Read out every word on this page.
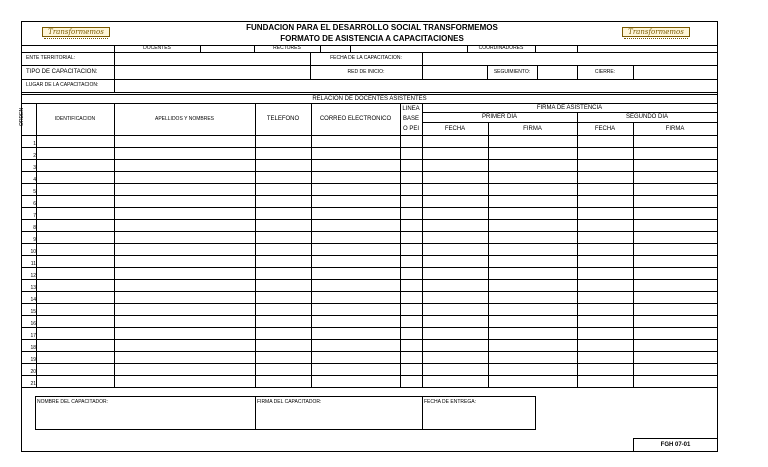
Transformemos	Transformemos
FUNDACION PARA EL DESARROLLO SOCIAL TRANSFORMEMOS
FORMATO DE ASISTENCIA A CAPACITACIONES
DOCENTES	RECTORES	COORDINADORES
ENTE TERRITORIAL:	FECHA DE LA CAPACITACION:
TIPO DE CAPACITACION:	RED DE INICIO:	SEGUIMIENTO:	CIERRE:
LUGAR DE LA CAPACITACION:
RELACION DE DOCENTES ASISTENTES
ORDEN	IDENTIFICACION	APELLIDOS Y NOMBRES	TELEFONO	CORREO ELECTRONICO
LINEA
BASE
O PEI
FIRMA DE ASISTENCIA
PRIMER DIA	SEGUNDO DIA
FECHA	FIRMA	FECHA	FIRMA
1
2
3
4
5
6
7
8
9
10
11
12
13
14
15
16
17
18
19
20
21
NOMBRE DEL CAPACITADOR:	FIRMA DEL CAPACITADOR:	FECHA DE ENTREGA:
FGH 07-01
